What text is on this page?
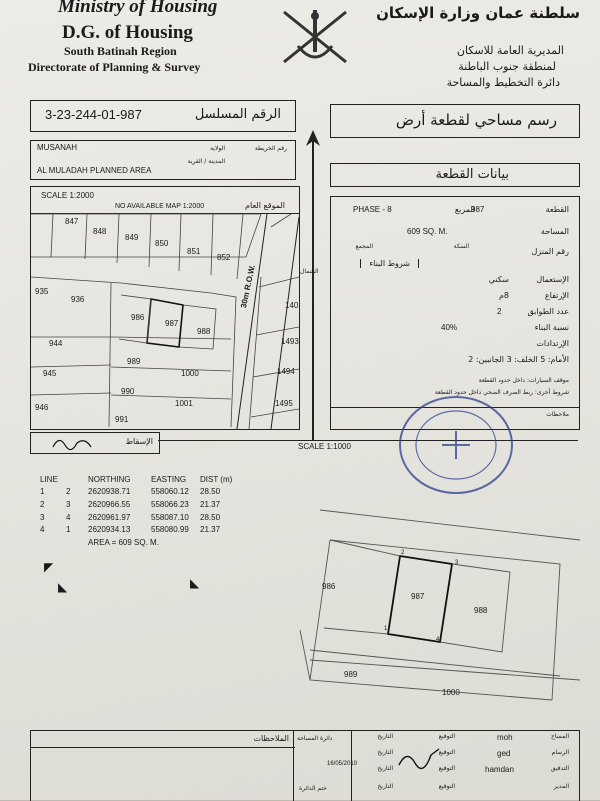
Ministry of Housing
D.G. of Housing
South Batinah Region
Directorate of Planning & Survey
سلطنة عمان وزارة الإسكان
المديرية العامة للاسكان
لمنطقة جنوب الباطنة
دائرة التخطيط والمساحة
3-23-244-01-987	الرقم المسلسل	رسم مساحي لقطعة أرض
MUSANAH	الولاية	رقم الخريطة
AL MULADAH PLANNED AREA
المدينة / القرية
بيانات القطعة
SCALE 1:2000
NO AVAILABLE MAP 1:2000	الموقع العام
847
848
849
850
851
852
935
936
986
987
988
944
989
1000
945
990
1001
946
991
1493
1494
1495
140
30m R.O.W.	الشمال
PHASE - 8	المربع
987	القطعة
609 SQ. M.	المساحة
المجمع	السكة
رقم المنزل
شروط البناء
الإستعمال
سكني
الإرتفاع
8م
عدد الطوابق
2
نسبة البناء
40%
الإرتدادات
الأمام: 5 الخلف: 3 الجانبين: 2
موقف السيارات: داخل حدود القطعة
شروط أخرى: ربط الصرف الصحي داخل حدود القطعة
ملاحظات
الإسقاط
SCALE 1:1000
LINE	NORTHING	EASTING DIST (m)
1	2 2620938.71	558060.12 28.50
2	3 2620966.55	558066.23 21.37
3	4 2620961.97	558087.10 28.50
4	1 2620934.13	558080.99 21.37
AREA = 609 SQ. M.
986
987
988
989
1000
1
2
3
4
◤
◣	◣
الملاحظات دائرة المساحة
ختم الدائرة
المساح
moh
التوقيع
التاريخ
الرسام
ged
التوقيع
التاريخ
16/05/2010
التدقيق
hamdan
التوقيع
التاريخ
المدير
التوقيع
التاريخ
